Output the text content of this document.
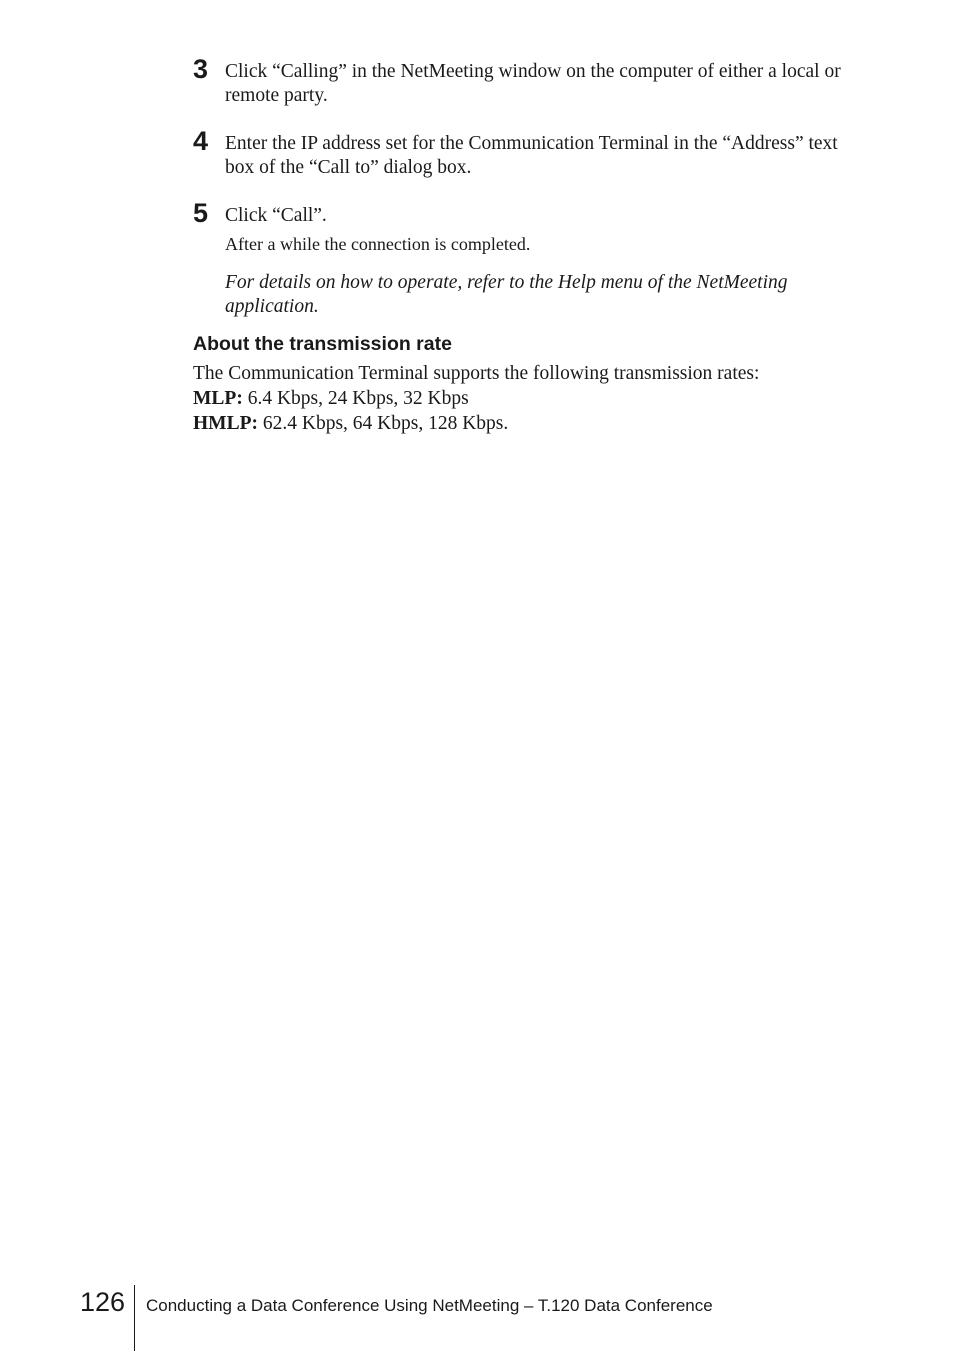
3 Click “Calling” in the NetMeeting window on the computer of either a local or remote party.
4 Enter the IP address set for the Communication Terminal in the “Address” text box of the “Call to” dialog box.
5 Click “Call”.
After a while the connection is completed.
For details on how to operate, refer to the Help menu of the NetMeeting application.
About the transmission rate
The Communication Terminal supports the following transmission rates:
MLP: 6.4 Kbps, 24 Kbps, 32 Kbps
HMLP: 62.4 Kbps, 64 Kbps, 128 Kbps.
126 Conducting a Data Conference Using NetMeeting – T.120 Data Conference
